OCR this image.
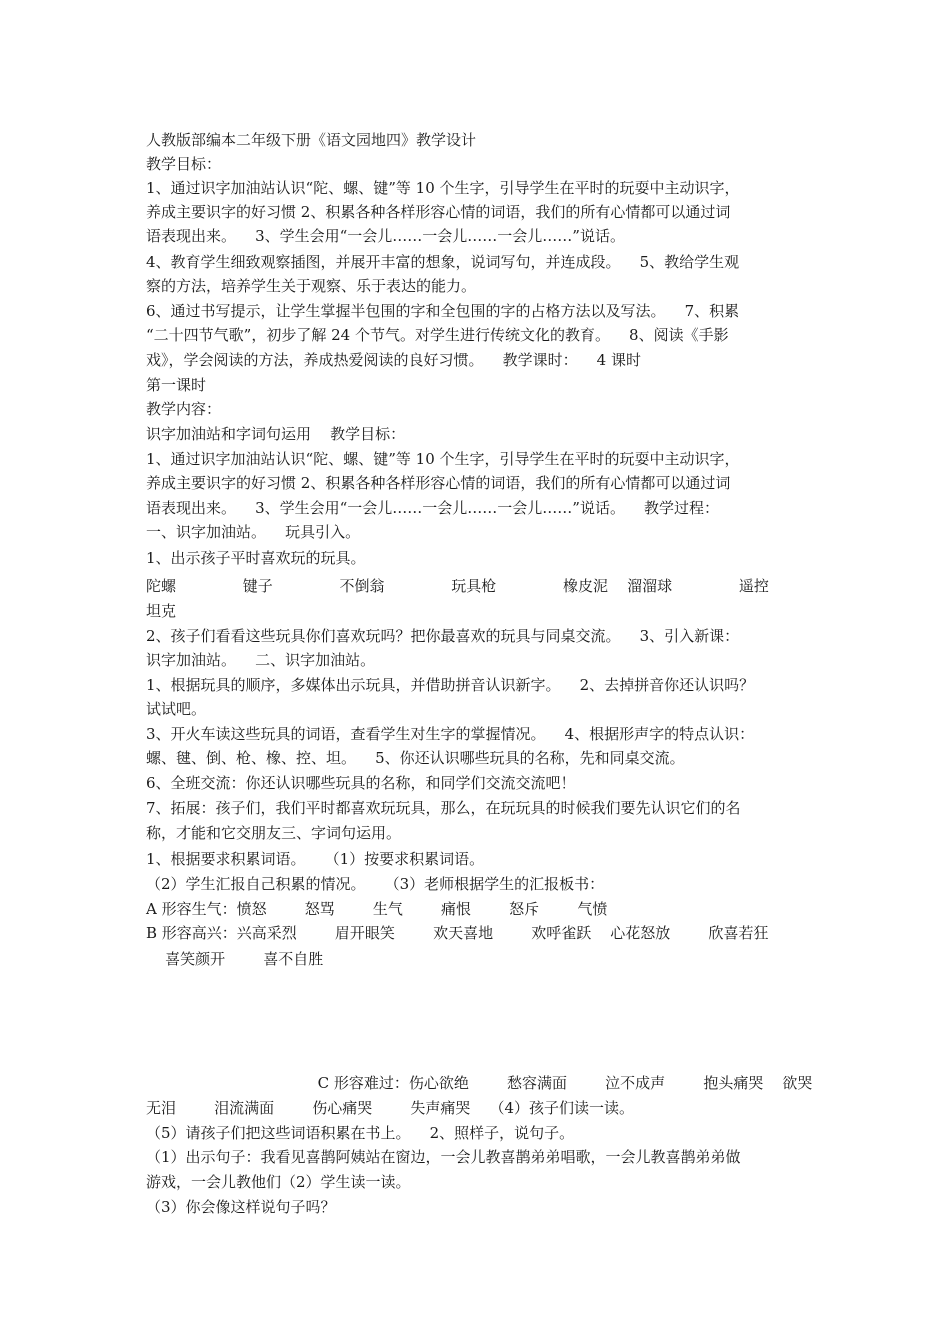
人教版部编本二年级下册《语文园地四》教学设计
教学目标：
1、通过识字加油站认识“陀、螺、键”等 10 个生字，引导学生在平时的玩耍中主动识字，
养成主要识字的好习惯 2、积累各种各样形容心情的词语，我们的所有心情都可以通过词
语表现出来。    3、学生会用“一会儿……一会儿……一会儿……”说话。
4、教育学生细致观察插图，并展开丰富的想象，说词写句，并连成段。    5、教给学生观
察的方法，培养学生关于观察、乐于表达的能力。
6、通过书写提示，让学生掌握半包围的字和全包围的字的占格方法以及写法。    7、积累
“二十四节气歌”，初步了解 24 个节气。对学生进行传统文化的教育。    8、阅读《手影
戏》，学会阅读的方法，养成热爱阅读的良好习惯。    教学课时：    4 课时
第一课时
教学内容：
识字加油站和字词句运用    教学目标：
1、通过识字加油站认识“陀、螺、键”等 10 个生字，引导学生在平时的玩耍中主动识字，
养成主要识字的好习惯 2、积累各种各样形容心情的词语，我们的所有心情都可以通过词
语表现出来。    3、学生会用“一会儿……一会儿……一会儿……”说话。    教学过程：
一、识字加油站。    玩具引入。
1、出示孩子平时喜欢玩的玩具。
陀螺              键子              不倒翁              玩具枪              橡皮泥    溜溜球              遥控
坦克
2、孩子们看看这些玩具你们喜欢玩吗？把你最喜欢的玩具与同桌交流。    3、引入新课：
识字加油站。    二、识字加油站。
1、根据玩具的顺序，多媒体出示玩具，并借助拼音认识新字。    2、去掉拼音你还认识吗？
试试吧。
3、开火车读这些玩具的词语，查看学生对生字的掌握情况。    4、根据形声字的特点认识：
螺、毽、倒、枪、橡、控、坦。    5、你还认识哪些玩具的名称，先和同桌交流。
6、全班交流：你还认识哪些玩具的名称，和同学们交流交流吧！
7、拓展：孩子们，我们平时都喜欢玩玩具，那么，在玩玩具的时候我们要先认识它们的名
称，才能和它交朋友三、字词句运用。
1、根据要求积累词语。    （1）按要求积累词语。
（2）学生汇报自己积累的情况。    （3）老师根据学生的汇报板书：
A 形容生气：愤怒        怒骂        生气        痛恨        怒斥        气愤
B 形容高兴：兴高采烈        眉开眼笑        欢天喜地        欢呼雀跃    心花怒放        欣喜若狂
喜笑颜开        喜不自胜
C 形容难过：伤心欲绝        愁容满面        泣不成声        抱头痛哭    欲哭
无泪        泪流满面        伤心痛哭        失声痛哭    （4）孩子们读一读。
（5）请孩子们把这些词语积累在书上。    2、照样子，说句子。
（1）出示句子：我看见喜鹊阿姨站在窗边，一会儿教喜鹊弟弟唱歌，一会儿教喜鹊弟弟做
游戏，一会儿教他们（2）学生读一读。
（3）你会像这样说句子吗？
